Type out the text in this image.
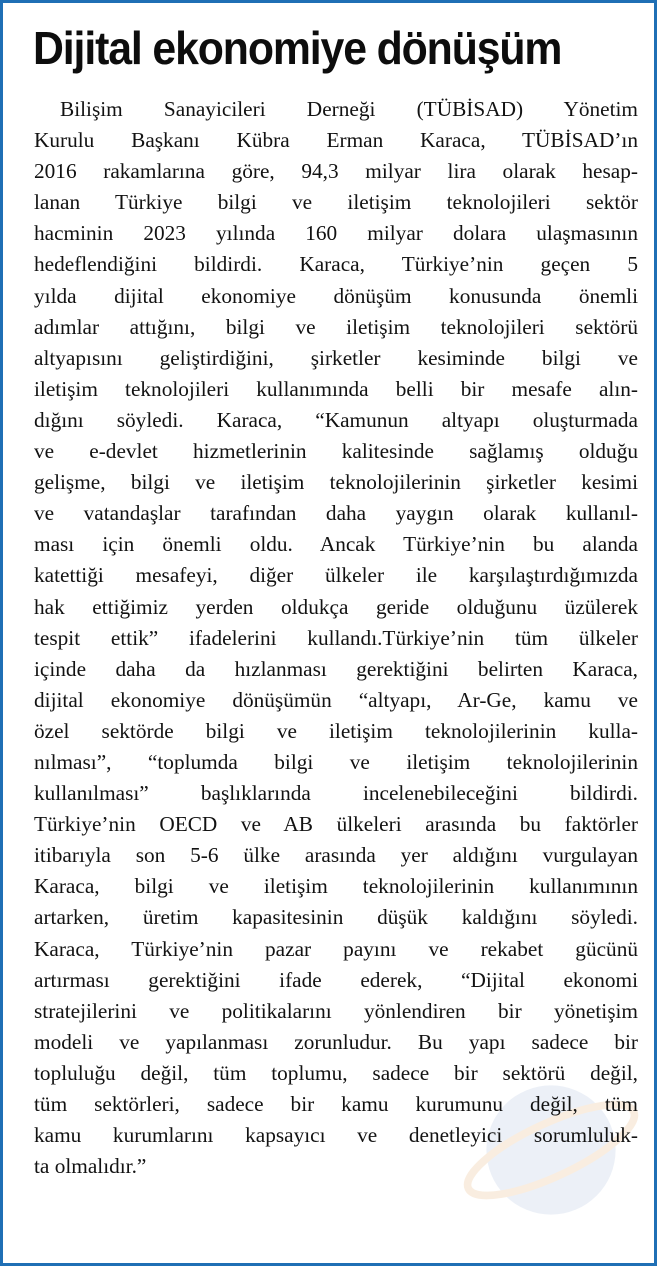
Dijital ekonomiye dönüşüm
Bilişim Sanayicileri Derneği (TÜBİSAD) Yönetim
Kurulu Başkanı Kübra Erman Karaca, TÜBİSAD’ın
2016 rakamlarına göre, 94,3 milyar lira olarak hesap-
lanan Türkiye bilgi ve iletişim teknolojileri sektör
hacminin 2023 yılında 160 milyar dolara ulaşmasının
hedeflendiğini bildirdi. Karaca, Türkiye’nin geçen 5
yılda dijital ekonomiye dönüşüm konusunda önemli
adımlar attığını, bilgi ve iletişim teknolojileri sektörü
altyapısını geliştirdiğini, şirketler kesiminde bilgi ve
iletişim teknolojileri kullanımında belli bir mesafe alın-
dığını söyledi. Karaca, “Kamunun altyapı oluşturmada
ve e-devlet hizmetlerinin kalitesinde sağlamış olduğu
gelişme, bilgi ve iletişim teknolojilerinin şirketler kesimi
ve vatandaşlar tarafından daha yaygın olarak kullanıl-
ması için önemli oldu. Ancak Türkiye’nin bu alanda
katettiği mesafeyi, diğer ülkeler ile karşılaştırdığımızda
hak ettiğimiz yerden oldukça geride olduğunu üzülerek
tespit ettik” ifadelerini kullandı.Türkiye’nin tüm ülkeler
içinde daha da hızlanması gerektiğini belirten Karaca,
dijital ekonomiye dönüşümün “altyapı, Ar-Ge, kamu ve
özel sektörde bilgi ve iletişim teknolojilerinin kulla-
nılması”, “toplumda bilgi ve iletişim teknolojilerinin
kullanılması” başlıklarında incelenebileceğini bildirdi.
Türkiye’nin OECD ve AB ülkeleri arasında bu faktörler
itibarıyla son 5-6 ülke arasında yer aldığını vurgulayan
Karaca, bilgi ve iletişim teknolojilerinin kullanımının
artarken, üretim kapasitesinin düşük kaldığını söyledi.
Karaca, Türkiye’nin pazar payını ve rekabet gücünü
artırması gerektiğini ifade ederek, “Dijital ekonomi
stratejilerini ve politikalarını yönlendiren bir yönetişim
modeli ve yapılanması zorunludur. Bu yapı sadece bir
topluluğu değil, tüm toplumu, sadece bir sektörü değil,
tüm sektörleri, sadece bir kamu kurumunu değil, tüm
kamu kurumlarını kapsayıcı ve denetleyici sorumluluk-
ta olmalıdır.”
